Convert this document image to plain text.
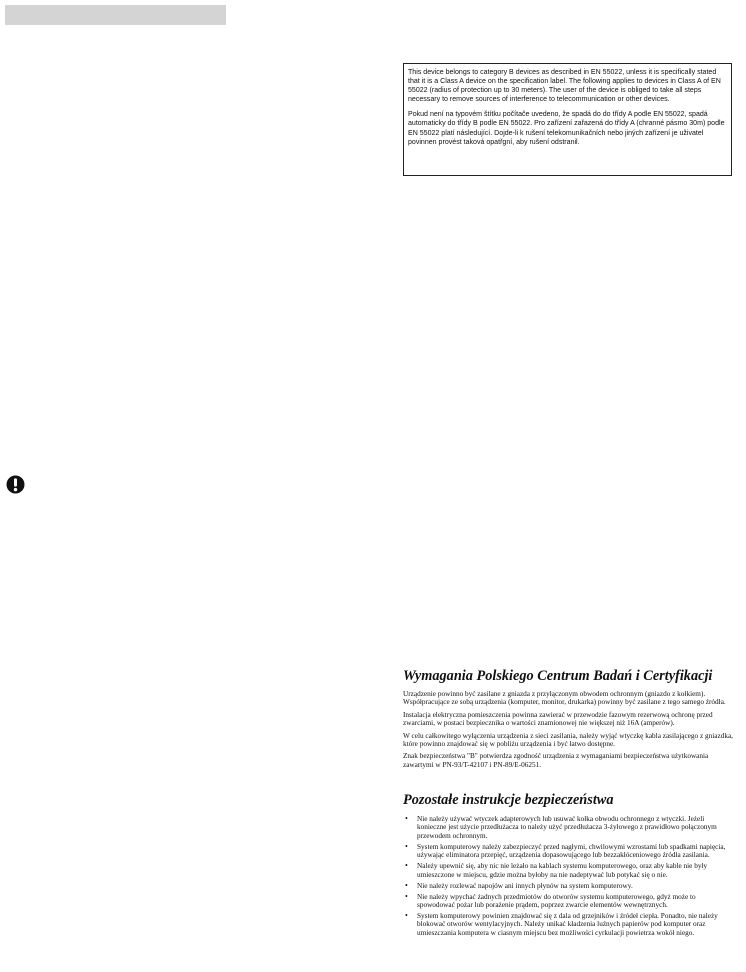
This device belongs to category B devices as described in EN 55022, unless it is specifically stated that it is a Class A device on the specification label. The following applies to devices in Class A of EN 55022 (radius of protection up to 30 meters). The user of the device is obliged to take all steps necessary to remove sources of interference to telecommunication or other devices.

Pokud není na typovém štítku počítače uvedeno, že spadá do do třídy A podle EN 55022, spadá automaticky do třídy B podle EN 55022. Pro zařízení zařazená do třídy A (chranné pásmo 30m) podle EN 55022 platí následující. Dojde-li k rušení telekomunikačních nebo jiných zařízení je uživatel povinnen provést taková opatřgní, aby rušení odstranil.

Wymagania Polskiego Centrum Badań i Certyfikacji

Urządzenie powinno być zasilane z gniazda z przyłączonym obwodem ochronnym (gniazdo z kołkiem). Współpracujące ze sobą urządzenia (komputer, monitor, drukarka) powinny być zasilane z tego samego źródła.

Instalacja elektryczna pomieszczenia powinna zawierać w przewodzie fazowym rezerwową ochronę przed zwarciami, w postaci bezpiecznika o wartości znamionowej nie większej niż 16A (amperów).

W celu całkowitego wyłączenia urządzenia z sieci zasilania, należy wyjąć wtyczkę kabla zasilającego z gniazdka, które powinno znajdować się w pobliżu urządzenia i być łatwo dostępne.

Znak bezpieczeństwa "B" potwierdza zgodność urządzenia z wymaganiami bezpieczeństwa użytkowania zawartymi w PN-93/T-42107 i PN-89/E-06251.

Pozostałe instrukcje bezpieczeństwa
• Nie należy używać wtyczek adapterowych lub usuwać kołka obwodu ochronnego z wtyczki. Jeżeli konieczne jest użycie przedłużacza to należy użyć przedłużacza 3-żyłowego z prawidłowo połączonym przewodem ochronnym.
• System komputerowy należy zabezpieczyć przed nagłymi, chwilowymi wzrostami lub spadkami napięcia, używając eliminatora przepięć, urządzenia dopasowującego lub bezzakłóceniowego źródła zasilania.
• Należy upewnić się, aby nic nie leżało na kablach systemu komputerowego, oraz aby kable nie były umieszczone w miejscu, gdzie można byłoby na nie nadeptywać lub potykać się o nie.
• Nie należy rozlewać napojów ani innych płynów na system komputerowy.
• Nie należy wpychać żadnych przedmiotów do otworów systemu komputerowego, gdyż może to spowodować pożar lub porażenie prądem, poprzez zwarcie elementów wewnętrznych.
• System komputerowy powinien znajdować się z dala od grzejników i źródeł ciepła. Ponadto, nie należy blokować otworów wentylacyjnych. Należy unikać kładzenia luźnych papierów pod komputer oraz umieszczania komputera w ciasnym miejscu bez możliwości cyrkulacji powietrza wokół niego.
